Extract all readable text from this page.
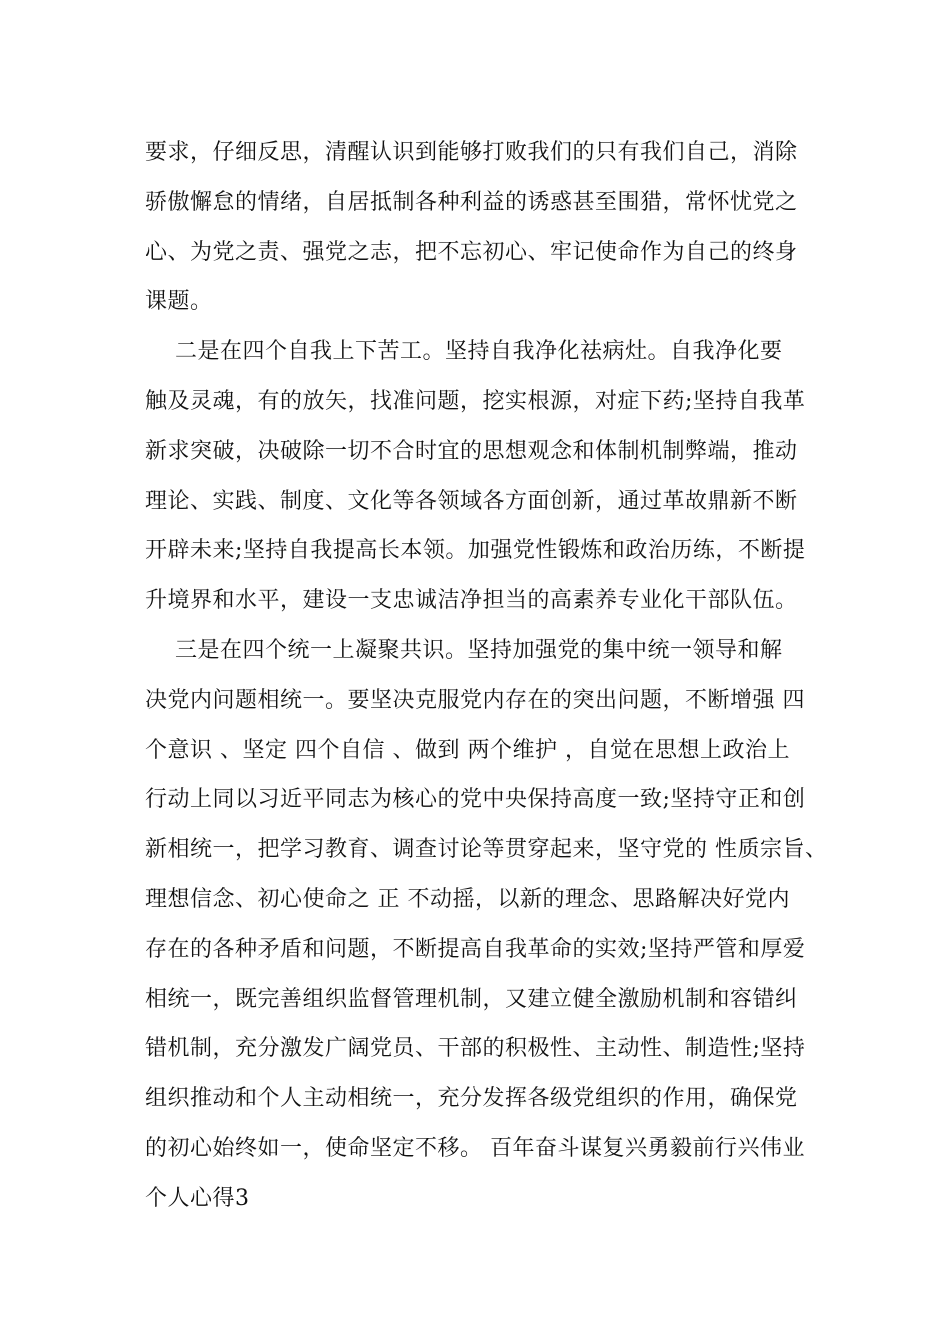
要求，仔细反思，清醒认识到能够打败我们的只有我们自己，消除
骄傲懈怠的情绪，自居抵制各种利益的诱惑甚至围猎，常怀忧党之
心、为党之责、强党之志，把不忘初心、牢记使命作为自己的终身
课题。
二是在四个自我上下苦工。坚持自我净化祛病灶。自我净化要
触及灵魂，有的放矢，找准问题，挖实根源，对症下药;坚持自我革
新求突破，决破除一切不合时宜的思想观念和体制机制弊端，推动
理论、实践、制度、文化等各领域各方面创新，通过革故鼎新不断
开辟未来;坚持自我提高长本领。加强党性锻炼和政治历练，不断提
升境界和水平，建设一支忠诚洁净担当的高素养专业化干部队伍。
三是在四个统一上凝聚共识。坚持加强党的集中统一领导和解
决党内问题相统一。要坚决克服党内存在的突出问题，不断增强 四
个意识 、坚定 四个自信 、做到 两个维护 ，自觉在思想上政治上
行动上同以习近平同志为核心的党中央保持高度一致;坚持守正和创
新相统一，把学习教育、调查讨论等贯穿起来，坚守党的 性质宗旨、
理想信念、初心使命之 正 不动摇，以新的理念、思路解决好党内
存在的各种矛盾和问题，不断提高自我革命的实效;坚持严管和厚爱
相统一，既完善组织监督管理机制，又建立健全激励机制和容错纠
错机制，充分激发广阔党员、干部的积极性、主动性、制造性;坚持
组织推动和个人主动相统一，充分发挥各级党组织的作用，确保党
的初心始终如一，使命坚定不移。 百年奋斗谋复兴勇毅前行兴伟业
个人心得3
